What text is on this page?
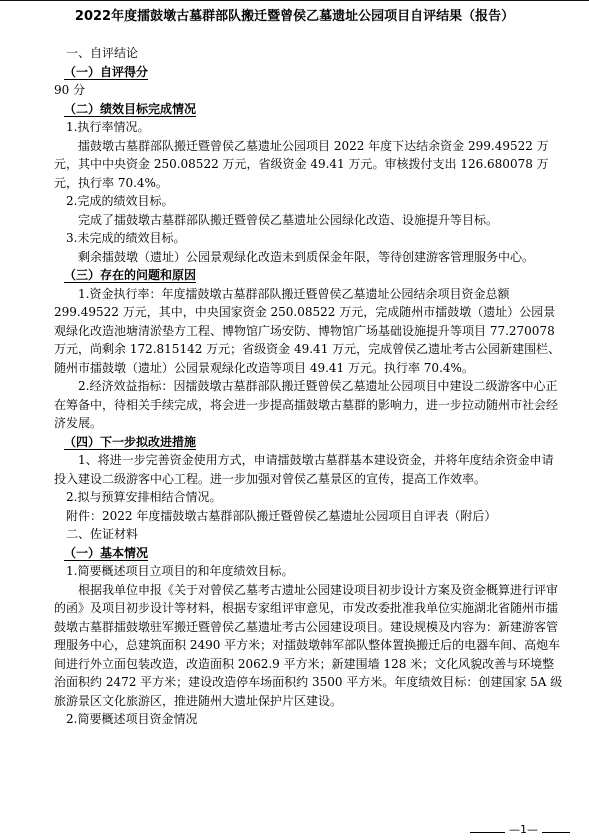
2022年度擂鼓墩古墓群部队搬迁暨曾侯乙墓遗址公园项目自评结果（报告）

一、自评结论

（一）自评得分

90 分

（二）绩效目标完成情况

1.执行率情况。

擂鼓墩古墓群部队搬迁暨曾侯乙墓遗址公园项目 2022 年度下达结余资金 299.49522 万元，其中中央资金 250.08522 万元，省级资金 49.41 万元。审核拨付支出 126.680078 万元，执行率 70.4%。

2.完成的绩效目标。

完成了擂鼓墩古墓群部队搬迁暨曾侯乙墓遗址公园绿化改造、设施提升等目标。

3.未完成的绩效目标。

剩余擂鼓墩（遗址）公园景观绿化改造未到质保金年限，等待创建游客管理服务中心。

（三）存在的问题和原因

1.资金执行率：年度擂鼓墩古墓群部队搬迁暨曾侯乙墓遗址公园结余项目资金总额 299.49522 万元，其中，中央国家资金 250.08522 万元，完成随州市擂鼓墩（遗址）公园景观绿化改造池塘清淤垫方工程、博物馆广场安防、博物馆广场基础设施提升等项目 77.270078 万元，尚剩余 172.815142 万元；省级资金 49.41 万元，完成曾侯乙遗址考古公园新建围栏、随州市擂鼓墩（遗址）公园景观绿化改造等项目 49.41 万元。执行率 70.4%。

2.经济效益指标：因擂鼓墩古墓群部队搬迁暨曾侯乙墓遗址公园项目中建设二级游客中心正在筹备中，待相关手续完成，将会进一步提高擂鼓墩古墓群的影响力，进一步拉动随州市社会经济发展。

（四）下一步拟改进措施

1、将进一步完善资金使用方式，申请擂鼓墩古墓群基本建设资金，并将年度结余资金申请投入建设二级游客中心工程。进一步加强对曾侯乙墓景区的宣传，提高工作效率。

2.拟与预算安排相结合情况。

附件：2022 年度擂鼓墩古墓群部队搬迁暨曾侯乙墓遗址公园项目自评表（附后）

二、佐证材料

（一）基本情况

1.简要概述项目立项目的和年度绩效目标。

根据我单位申报《关于对曾侯乙墓考古遗址公园建设项目初步设计方案及资金概算进行评审的函》及项目初步设计等材料，根据专家组评审意见，市发改委批准我单位实施湖北省随州市擂鼓墩古墓群擂鼓墩驻军搬迁暨曾侯乙墓遗址考古公园建设项目。建设规模及内容为：新建游客管理服务中心，总建筑面积 2490 平方米；对擂鼓墩韩军部队整体置换搬迁后的电器车间、高炮车间进行外立面包装改造，改造面积 2062.9 平方米；新建围墙 128 米；文化风貌改善与环境整治面积约 2472 平方米；建设改造停车场面积约 3500 平方米。年度绩效目标：创建国家 5A 级旅游景区文化旅游区，推进随州大遗址保护片区建设。

2.简要概述项目资金情况

—1—
